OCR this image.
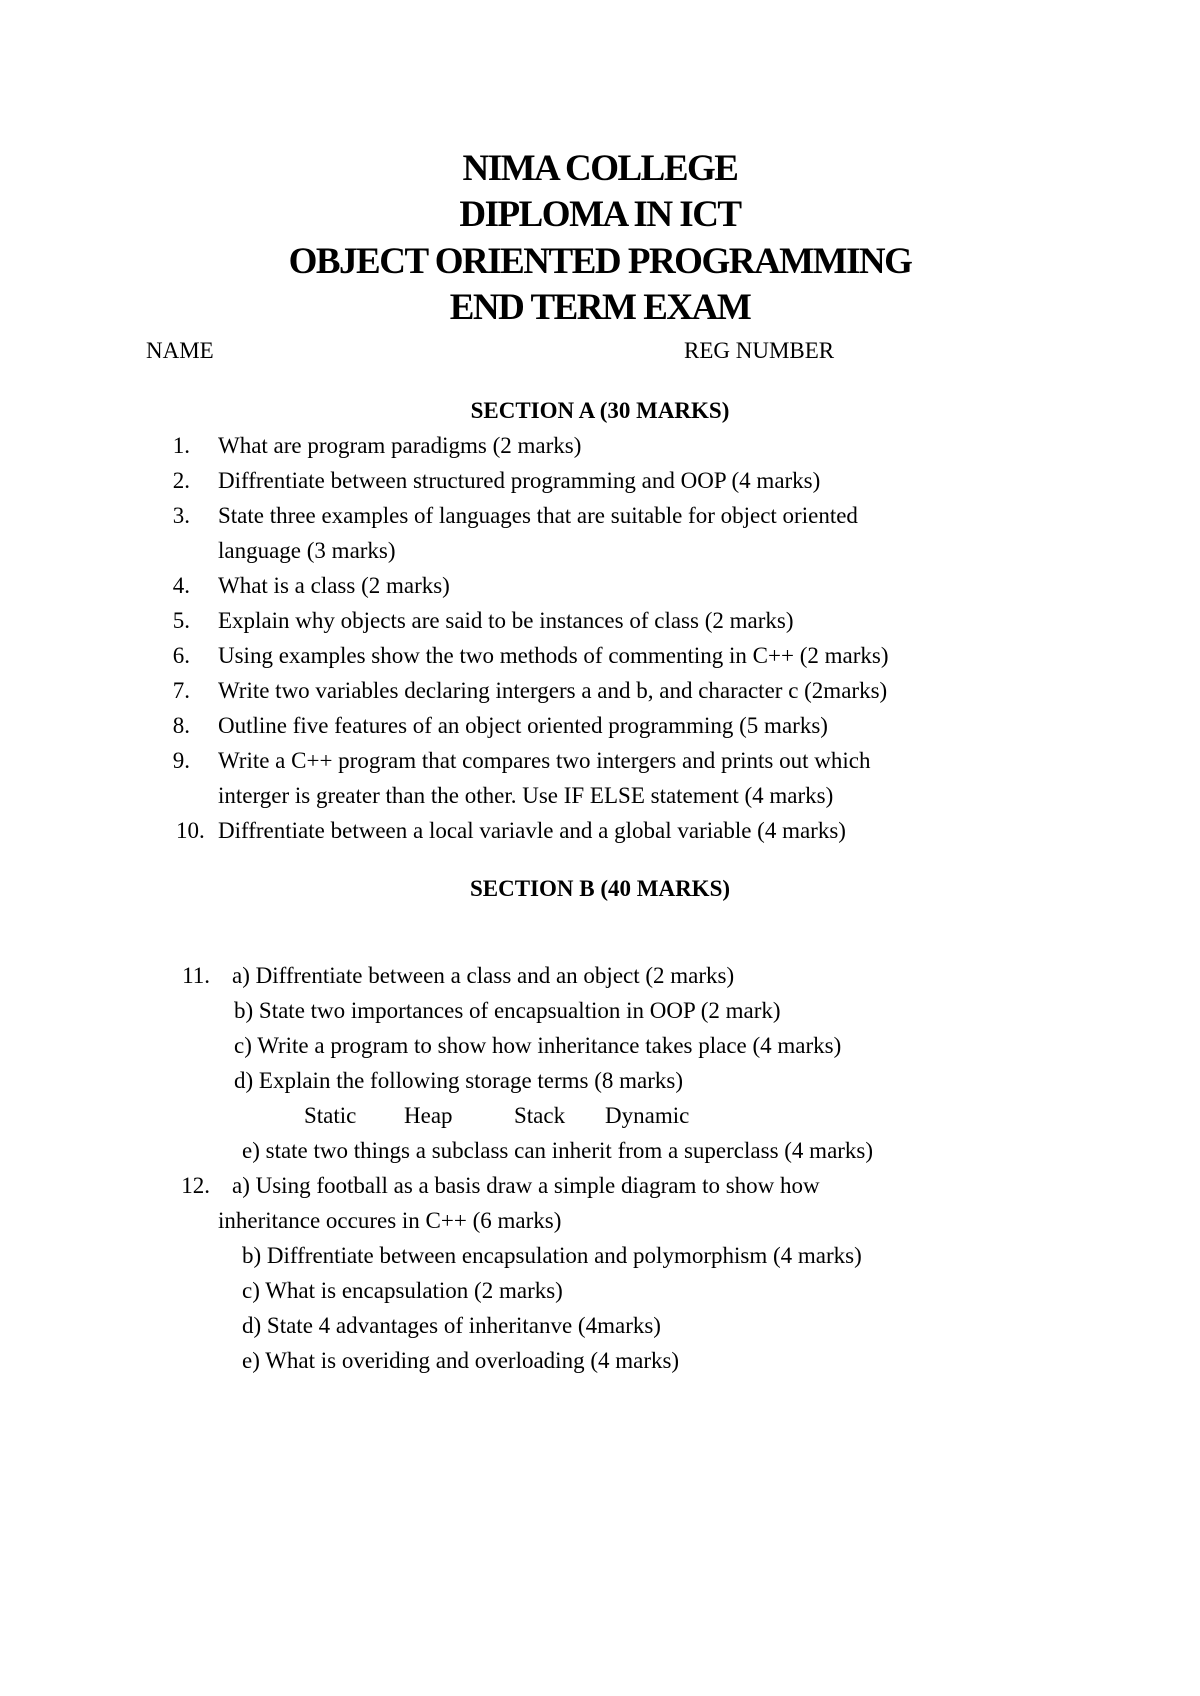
NIMA COLLEGE
DIPLOMA IN ICT
OBJECT ORIENTED PROGRAMMING
END TERM EXAM
NAME	REG NUMBER
SECTION A (30 MARKS)
1. What are program paradigms (2 marks)
2. Diffrentiate between structured programming and OOP (4 marks)
3. State three examples of languages that are suitable for object oriented
language (3 marks)
4. What is a class (2 marks)
5. Explain why objects are said to be instances of class (2 marks)
6. Using examples show the two methods of commenting in C++ (2 marks)
7. Write two variables declaring intergers a and b, and character c (2marks)
8. Outline five features of an object oriented programming (5 marks)
9. Write a C++ program that compares two intergers and prints out which
interger is greater than the other. Use IF ELSE statement (4 marks)
10. Diffrentiate between a local variavle and a global variable (4 marks)
SECTION B (40 MARKS)
11. a) Diffrentiate between a class and an object (2 marks)
b) State two importances of encapsualtion in OOP (2 mark)
c) Write a program to show how inheritance takes place (4 marks)
d) Explain the following storage terms (8 marks)
Static Heap	Stack Dynamic
e) state two things a subclass can inherit from a superclass (4 marks)
12. a) Using football as a basis draw a simple diagram to show how
inheritance occures in C++ (6 marks)
b) Diffrentiate between encapsulation and polymorphism (4 marks)
c) What is encapsulation (2 marks)
d) State 4 advantages of inheritanve (4marks)
e) What is overiding and overloading (4 marks)
